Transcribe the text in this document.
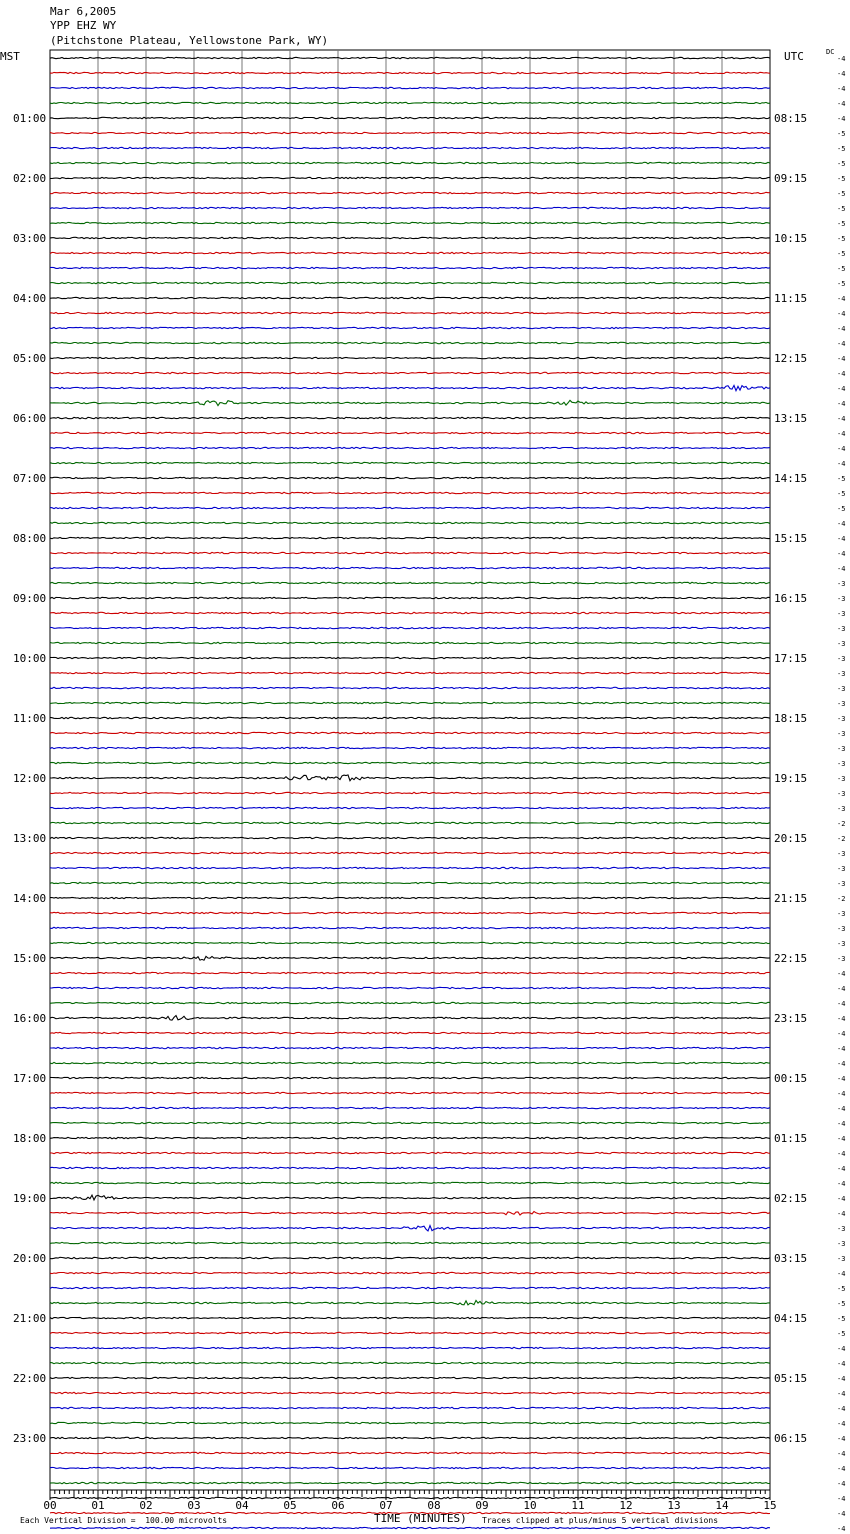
Mar 6,2005
YPP EHZ WY
(Pitchstone Plateau, Yellowstone Park, WY)
MST	UTC	DC
-4
-4
-4
-4
-4
-5
-5
-5
-5
-5
-5
-5
-5
-5
-5
-5
-4
-4
-4
-4
-4
-4
-4
-4
-4
-4
-4
-4
-5
-5
-5
-4
-4
-4
-4
-3
-3
-3
-3
-3
-3
-3
-3
-3
-3
-3
-3
-3
-3
-3
-3
-2
-2
-3
-3
-3
-2
-3
-3
-3
-3
-4
-4
-4
-4
-4
-4
-4
-4
-4
-4
-4
-4
-4
-4
-4
-4
-4
-3
-3
-3
-4
-5
-5
-5
-5
-4
-4
-4
-4
-4
-4
-4
-4
-4
-4
-4
-4
-4
01:00
02:00
03:00
04:00
05:00
06:00
07:00
08:00
09:00
10:00
11:00
12:00
13:00
14:00
15:00
16:00
17:00
18:00
19:00
20:00
21:00
22:00
23:00
08:15
09:15
10:15
11:15
12:15
13:15
14:15
15:15
16:15
17:15
18:15
19:15
20:15
21:15
22:15
23:15
00:15
01:15
02:15
03:15
04:15
05:15
06:15
00	01	02	03	04	05	06	07	08	09	10	11	12	13	14	15
TIME (MINUTES)
Each Vertical Division =  100.00 microvolts	Traces clipped at plus/minus 5 vertical divisions
